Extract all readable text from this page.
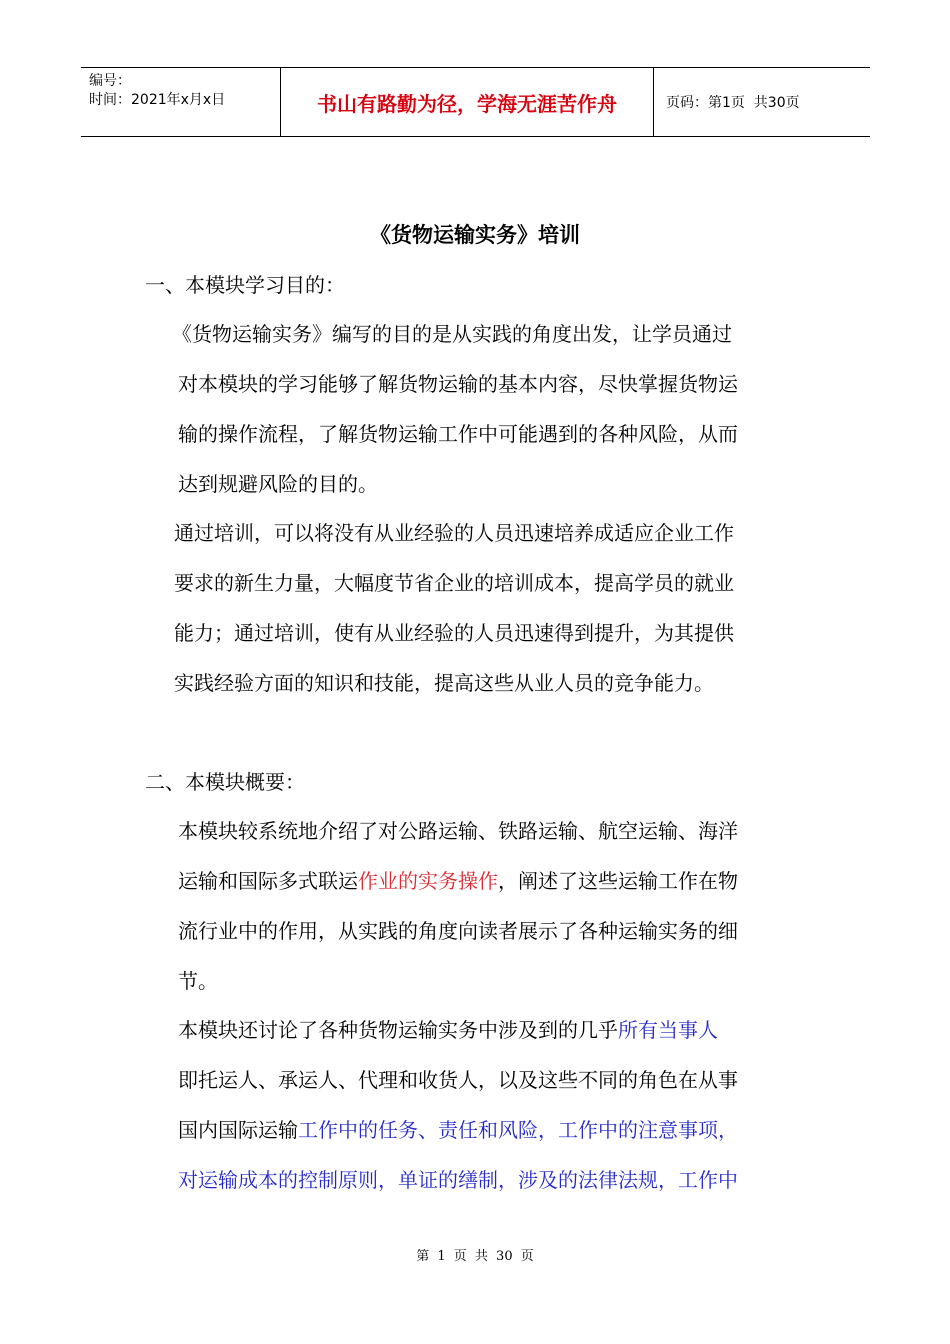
编号：
时间：2021年x月x日	书山有路勤为径，学海无涯苦作舟	页码：第1页  共30页
《货物运输实务》培训
一、本模块学习目的：

《货物运输实务》编写的目的是从实践的角度出发，让学员通过
对本模块的学习能够了解货物运输的基本内容，尽快掌握货物运
输的操作流程，了解货物运输工作中可能遇到的各种风险，从而
达到规避风险的目的。

通过培训，可以将没有从业经验的人员迅速培养成适应企业工作
要求的新生力量，大幅度节省企业的培训成本，提高学员的就业
能力；通过培训，使有从业经验的人员迅速得到提升，为其提供
实践经验方面的知识和技能，提高这些从业人员的竞争能力。

二、本模块概要：

本模块较系统地介绍了对公路运输、铁路运输、航空运输、海洋
运输和国际多式联运作业的实务操作，阐述了这些运输工作在物
流行业中的作用，从实践的角度向读者展示了各种运输实务的细
节。

本模块还讨论了各种货物运输实务中涉及到的几乎所有当事人
即托运人、承运人、代理和收货人，以及这些不同的角色在从事
国内国际运输工作中的任务、责任和风险，工作中的注意事项，
对运输成本的控制原则，单证的缮制，涉及的法律法规，工作中

第 1 页 共 30 页
